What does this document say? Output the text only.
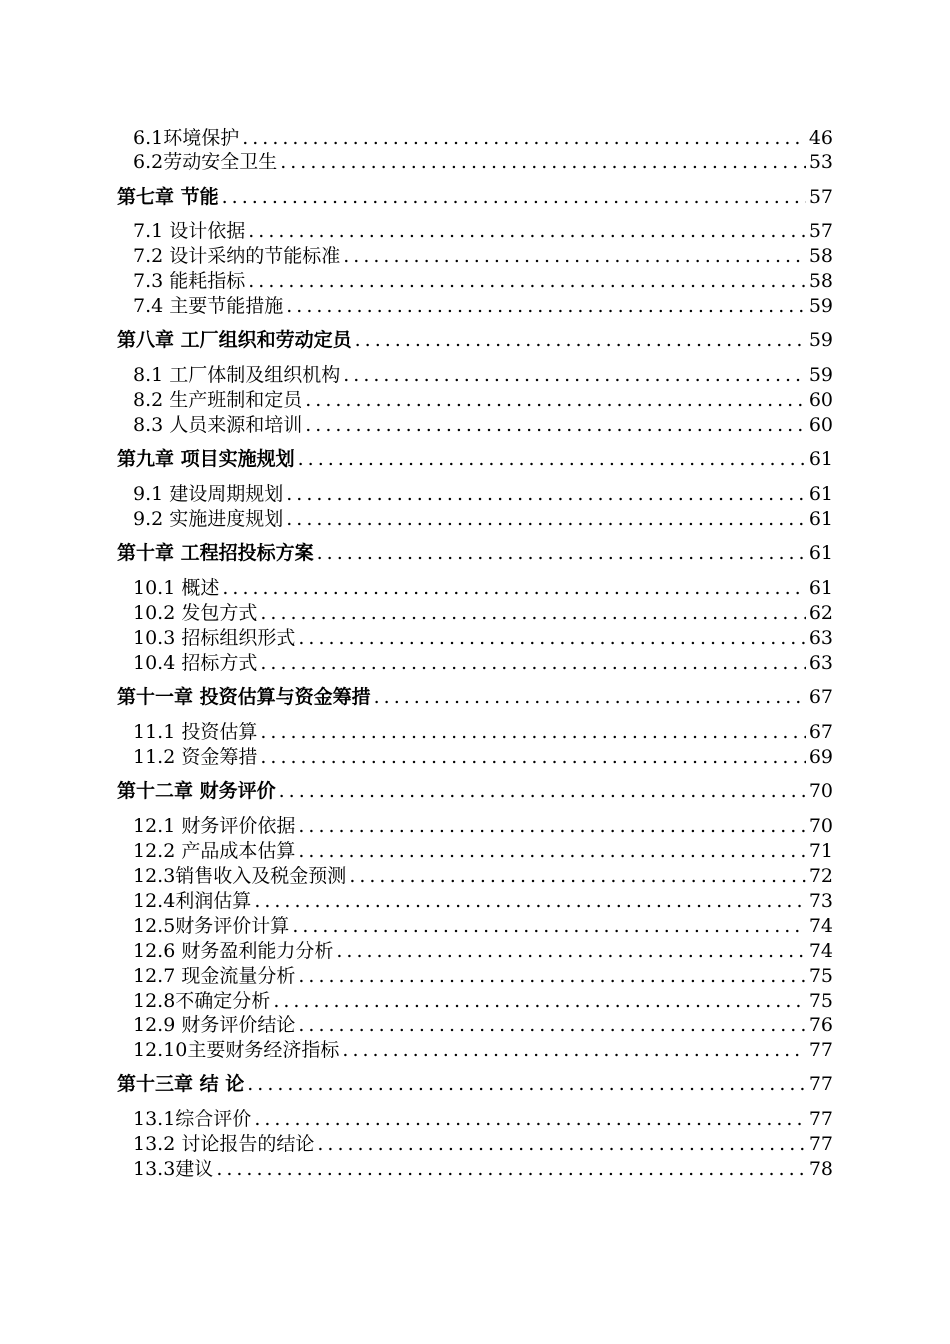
6.1环境保护 .....	46
6.2劳动安全卫生 .....	53
第七章 节能 .....	57
7.1 设计依据 .....	57
7.2 设计采纳的节能标准 .....	58
7.3 能耗指标 .....	58
7.4 主要节能措施 .....	59
第八章 工厂组织和劳动定员 .....	59
8.1 工厂体制及组织机构 .....	59
8.2 生产班制和定员 .....	60
8.3 人员来源和培训 .....	60
第九章 项目实施规划 .....	61
9.1 建设周期规划 .....	61
9.2 实施进度规划 .....	61
第十章 工程招投标方案 .....	61
10.1 概述 .....	61
10.2 发包方式 .....	62
10.3 招标组织形式 .....	63
10.4 招标方式 .....	63
第十一章 投资估算与资金筹措 .....	67
11.1 投资估算 .....	67
11.2 资金筹措 .....	69
第十二章 财务评价 .....	70
12.1 财务评价依据 .....	70
12.2 产品成本估算 .....	71
12.3销售收入及税金预测 .....	72
12.4利润估算 .....	73
12.5财务评价计算 .....	74
12.6 财务盈利能力分析 .....	74
12.7 现金流量分析 .....	75
12.8不确定分析 .....	75
12.9 财务评价结论 .....	76
12.10主要财务经济指标 .....	77
第十三章 结 论 .....	77
13.1综合评价 .....	77
13.2 讨论报告的结论 .....	77
13.3建议 .....	78
